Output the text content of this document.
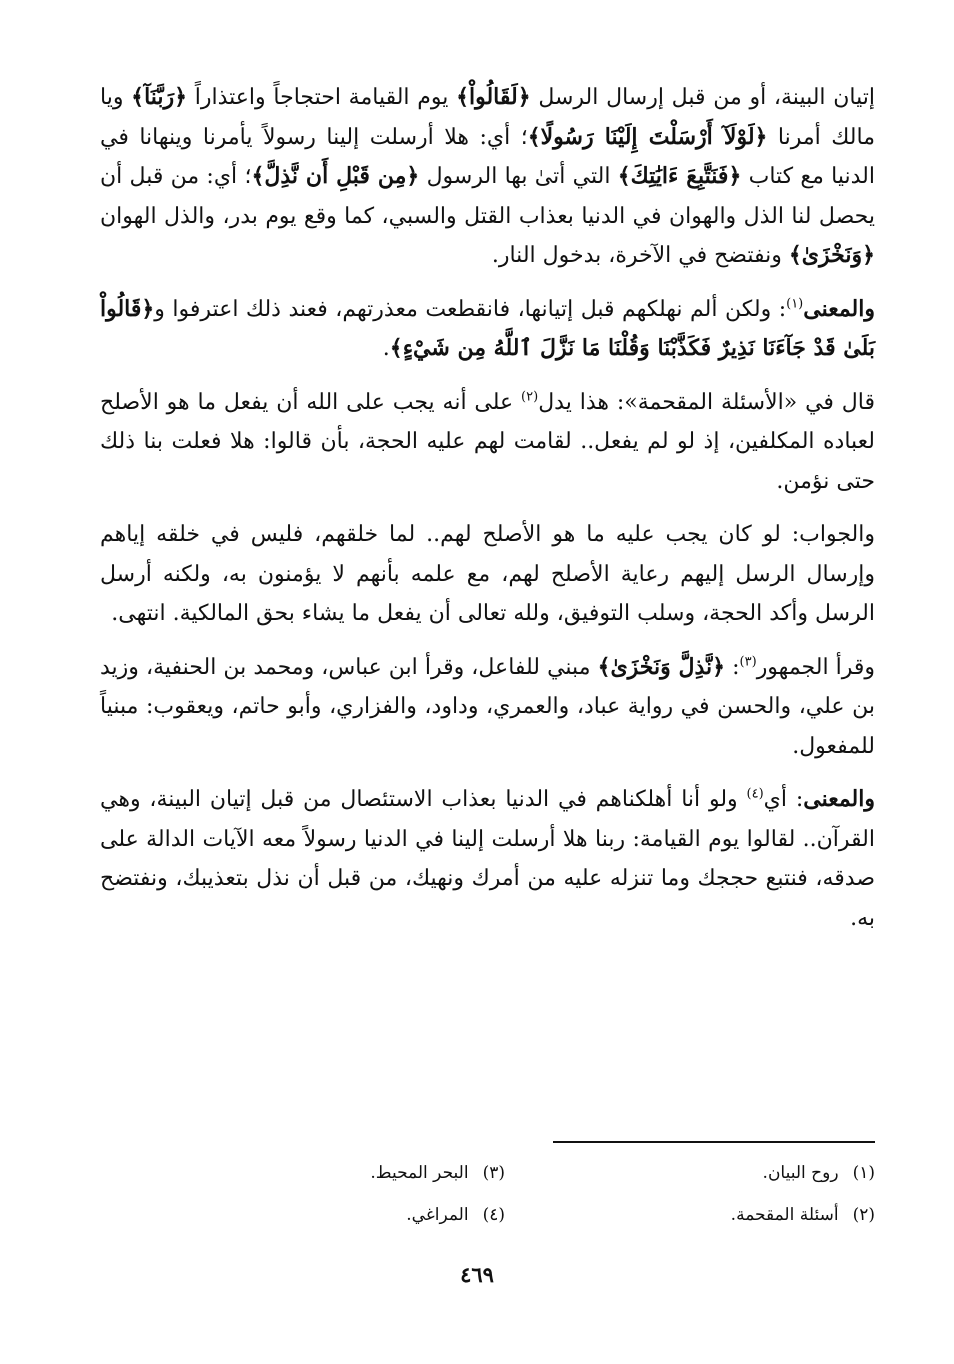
إتيان البينة، أو من قبل إرسال الرسل ﴿لَقَالُواْ﴾ يوم القيامة احتجاجاً واعتذاراً ﴿رَبَّنَآ﴾ ويا مالك أمرنا ﴿لَوْلَآ أَرْسَلْتَ إِلَيْنَا رَسُولًا﴾؛ أي: هلا أرسلت إلينا رسولاً يأمرنا وينهانا في الدنيا مع كتاب ﴿فَنَتَّبِعَ ءَايَٰتِكَ﴾ التي أتىٰ بها الرسول ﴿مِن قَبْلِ أَن نَّذِلَّ﴾؛ أي: من قبل أن يحصل لنا الذل والهوان في الدنيا بعذاب القتل والسبي، كما وقع يوم بدر، والذل الهوان ﴿وَنَخْزَىٰ﴾ ونفتضح في الآخرة، بدخول النار.

والمعنى$^{(١)}$: ولكن ألم نهلكهم قبل إتيانها، فانقطعت معذرتهم، فعند ذلك اعترفوا و﴿قَالُواْ بَلَىٰ قَدْ جَآءَنَا نَذِيرٌ فَكَذَّبْنَا وَقُلْنَا مَا نَزَّلَ ٱللَّهُ مِن شَيْءٍ﴾.

قال في «الأسئلة المقحمة»: هذا يدل$^{(٢)}$ على أنه يجب على الله أن يفعل ما هو الأصلح لعباده المكلفين، إذ لو لم يفعل.. لقامت لهم عليه الحجة، بأن قالوا: هلا فعلت بنا ذلك حتى نؤمن.

والجواب: لو كان يجب عليه ما هو الأصلح لهم.. لما خلقهم، فليس في خلقه إياهم وإرسال الرسل إليهم رعاية الأصلح لهم، مع علمه بأنهم لا يؤمنون به، ولكنه أرسل الرسل وأكد الحجة، وسلب التوفيق، ولله تعالى أن يفعل ما يشاء بحق المالكية. انتهى.

وقرأ الجمهور$^{(٣)}$: ﴿نَّذِلَّ وَنَخْزَىٰ﴾ مبني للفاعل، وقرأ ابن عباس، ومحمد بن الحنفية، وزيد بن علي، والحسن في رواية عباد، والعمري، وداود، والفزاري، وأبو حاتم، ويعقوب: مبنياً للمفعول.

والمعنى: أي$^{(٤)}$ ولو أنا أهلكناهم في الدنيا بعذاب الاستئصال من قبل إتيان البينة، وهي القرآن.. لقالوا يوم القيامة: ربنا هلا أرسلت إلينا في الدنيا رسولاً معه الآيات الدالة على صدقه، فنتبع حججك وما تنزله عليه من أمرك ونهيك، من قبل أن نذل بتعذيبك، ونفتضح به.

(١)روح البيان.
(٣)البحر المحيط.
(٢)أسئلة المقحمة.
(٤)المراغي.
٤٦٩
